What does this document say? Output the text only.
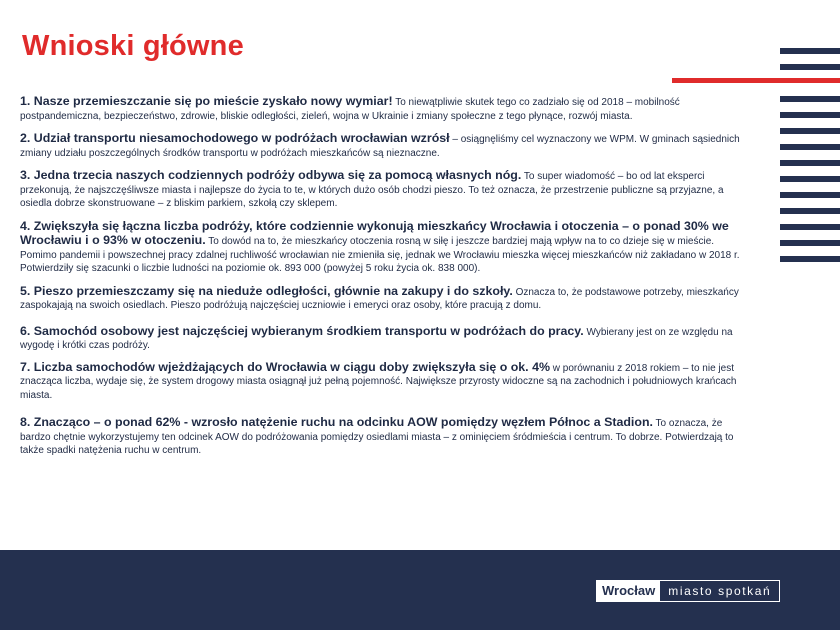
Wnioski główne

1. Nasze przemieszczanie się po mieście zyskało nowy wymiar! To niewątpliwie skutek tego co zadziało się od 2018 – mobilność postpandemiczna, bezpieczeństwo, zdrowie, bliskie odległości, zieleń, wojna w Ukrainie i zmiany społeczne z tego płynące, rozwój miasta.

2. Udział transportu niesamochodowego w podróżach wrocławian wzrósł – osiągnęliśmy cel wyznaczony we WPM. W gminach sąsiednich zmiany udziału poszczególnych środków transportu w podróżach mieszkańców są nieznaczne.

3. Jedna trzecia naszych codziennych podróży odbywa się za pomocą własnych nóg. To super wiadomość – bo od lat eksperci przekonują, że najszczęśliwsze miasta i najlepsze do życia to te, w których dużo osób chodzi pieszo. To też oznacza, że przestrzenie publiczne są przyjazne, a osiedla dobrze skonstruowane – z bliskim parkiem, szkołą czy sklepem.

4. Zwiększyła się łączna liczba podróży, które codziennie wykonują mieszkańcy Wrocławia i otoczenia – o ponad 30% we Wrocławiu i o 93% w otoczeniu. To dowód na to, że mieszkańcy otoczenia rosną w siłę i jeszcze bardziej mają wpływ na to co dzieje się w mieście. Pomimo pandemii i powszechnej pracy zdalnej ruchliwość wrocławian nie zmieniła się, jednak we Wrocławiu mieszka więcej mieszkańców niż zakładano w 2018 r. Potwierdziły się szacunki o liczbie ludności na poziomie ok. 893 000 (powyżej 5 roku życia ok. 838 000).

5. Pieszo przemieszczamy się na nieduże odległości, głównie na zakupy i do szkoły. Oznacza to, że podstawowe potrzeby, mieszkańcy zaspokajają na swoich osiedlach. Pieszo podróżują najczęściej uczniowie i emeryci oraz osoby, które pracują z domu.

6. Samochód osobowy jest najczęściej wybieranym środkiem transportu w podróżach do pracy. Wybierany jest on ze względu na wygodę i krótki czas podróży.

7. Liczba samochodów wjeżdżających do Wrocławia w ciągu doby zwiększyła się o ok. 4% w porównaniu z 2018 rokiem – to nie jest znacząca liczba, wydaje się, że system drogowy miasta osiągnął już pełną pojemność. Największe przyrosty widoczne są na zachodnich i południowych krańcach miasta.

8. Znacząco – o ponad 62% - wzrosło natężenie ruchu na odcinku AOW pomiędzy węzłem Północ a Stadion. To oznacza, że bardzo chętnie wykorzystujemy ten odcinek AOW do podróżowania pomiędzy osiedlami miasta – z ominięciem śródmieścia i centrum. To dobrze. Potwierdzają to także spadki natężenia ruchu w centrum.

Wrocław	miasto spotkań
